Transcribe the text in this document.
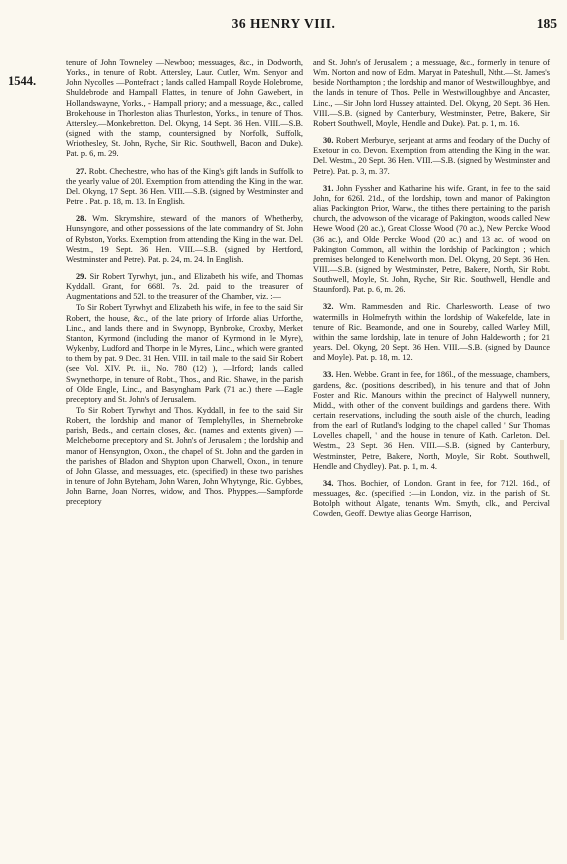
36 HENRY VIII.	185
1544.

tenure of John Towneley —Newboo; messuages, &c., in Dodworth, Yorks., in tenure of Robt. Attersley, Laur. Cutler, Wm. Senyor and John Nycolles —Pontefract ; lands called Hampall Royde Holebrome, Shuldebrode and Hampall Flattes, in tenure of John Gawebert, in Hollandswayne, Yorks., - Hampall priory; and a messuage, &c., called Brokehouse in Thorleston alias Thurleston, Yorks., in tenure of Thos. Attersley.—Monkebretton. Del. Okyng, 14 Sept. 36 Hen. VIII.—S.B. (signed with the stamp, countersigned by Norfolk, Suffolk, Wriothesley, St. John, Ryche, Sir Ric. Southwell, Bacon and Duke). Pat. p. 6, m. 29.

27. Robt. Chechestre, who has of the King's gift lands in Suffolk to the yearly value of 20l. Exemption from attending the King in the war. Del. Okyng, 17 Sept. 36 Hen. VIII.—S.B. (signed by Westminster and Petre . Pat. p. 18, m. 13. In English.

28. Wm. Skrymshire, steward of the manors of Whetherby, Hunsyngore, and other possessions of the late commandry of St. John of Rybston, Yorks. Exemption from attending the King in the war. Del. Westm., 19 Sept. 36 Hen. VIII.—S.B. (signed by Hertford, Westminster and Petre). Pat. p. 24, m. 24. In English.

29. Sir Robert Tyrwhyt, jun., and Elizabeth his wife, and Thomas Kyddall. Grant, for 668l. 7s. 2d. paid to the treasurer of Augmentations and 52l. to the treasurer of the Chamber, viz. :—

To Sir Robert Tyrwhyt and Elizabeth his wife, in fee to the said Sir Robert, the house, &c., of the late priory of Irforde alias Urforthe, Linc., and lands there and in Swynopp, Bynbroke, Croxby, Merket Stanton, Kyrmond (including the manor of Kyrmond in le Myre), Wykenby, Ludford and Thorpe in le Myres, Linc., which were granted to them by pat. 9 Dec. 31 Hen. VIII. in tail male to the said Sir Robert (see Vol. XIV. Pt. ii., No. 780 (12) ), —Irford; lands called Swynethorpe, in tenure of Robt., Thos., and Ric. Shawe, in the parish of Olde Engle, Linc., and Basyngham Park (71 ac.) there —Eagle preceptory and St. John's of Jerusalem.

To Sir Robert Tyrwhyt and Thos. Kyddall, in fee to the said Sir Robert, the lordship and manor of Templehylles, in Shernebroke parish, Beds., and certain closes, &c. (names and extents given) — Melcheborne preceptory and St. John's of Jerusalem ; the lordship and manor of Hensyngton, Oxon., the chapel of St. John and the garden in the parishes of Bladon and Shypton upon Charwell, Oxon., in tenure of John Glasse, and messuages, etc. (specified) in these two parishes in tenure of John Byteham, John Waren, John Whytynge, Ric. Gybbes, John Barne, Joan Norres, widow, and Thos. Phyppes.—Sampforde preceptory

and St. John's of Jerusalem ; a messuage, &c., formerly in tenure of Wm. Norton and now of Edm. Maryat in Pateshull, Ntht.—St. James's beside Northampton ; the lordship and manor of Westwilloughbye, and the lands in tenure of Thos. Pelle in Westwilloughbye and Ancaster, Linc., —Sir John lord Hussey attainted. Del. Okyng, 20 Sept. 36 Hen. VIII.—S.B. (signed by Canterbury, Westminster, Petre, Bakere, Sir Robert Southwell, Moyle, Hendle and Duke). Pat. p. 1, m. 16.

30. Robert Merburye, serjeant at arms and feodary of the Duchy of Exetour in co. Devon. Exemption from attending the King in the war. Del. Westm., 20 Sept. 36 Hen. VIII.—S.B. (signed by Westminster and Petre). Pat. p. 3, m. 37.

31. John Fyssher and Katharine his wife. Grant, in fee to the said John, for 626l. 21d., of the lordship, town and manor of Pakington alias Packington Prior, Warw., the tithes there pertaining to the parish church, the advowson of the vicarage of Pakington, woods called New Hewe Wood (20 ac.), Great Closse Wood (70 ac.), New Percke Wood (36 ac.), and Olde Percke Wood (20 ac.) and 13 ac. of wood on Pakington Common, all within the lordship of Packington ; which premises belonged to Kenelworth mon. Del. Okyng, 20 Sept. 36 Hen. VIII.—S.B. (signed by Westminster, Petre, Bakere, North, Sir Robt. Southwell, Moyle, St. John, Ryche, Sir Ric. Southwell, Hendle and Staunford). Pat. p. 6, m. 26.

32. Wm. Rammesden and Ric. Charlesworth. Lease of two watermills in Holmefryth within the lordship of Wakefelde, late in tenure of Ric. Beamonde, and one in Soureby, called Warley Mill, within the same lordship, late in tenure of John Haldeworth ; for 21 years. Del. Okyng, 20 Sept. 36 Hen. VIII.—S.B. (signed by Daunce and Moyle). Pat. p. 18, m. 12.

33. Hen. Webbe. Grant in fee, for 186l., of the messuage, chambers, gardens, &c. (positions described), in his tenure and that of John Foster and Ric. Manours within the precinct of Halywell nunnery, Midd., with other of the convent buildings and gardens there. With certain reservations, including the south aisle of the church, leading from the earl of Rutland's lodging to the chapel called ' Sur Thomas Lovelles chapell, ' and the house in tenure of Kath. Carleton. Del. Westm., 23 Sept. 36 Hen. VIII.—S.B. (signed by Canterbury, Westminster, Petre, Bakere, North, Moyle, Sir Robt. Southwell, Hendle and Chydley). Pat. p. 1, m. 4.

34. Thos. Bochier, of London. Grant in fee, for 712l. 16d., of messuages, &c. (specified :—in London, viz. in the parish of St. Botolph without Algate, tenants Wm. Smyth, clk., and Percival Cowden, Geoff. Dewtye alias George Harrison,
